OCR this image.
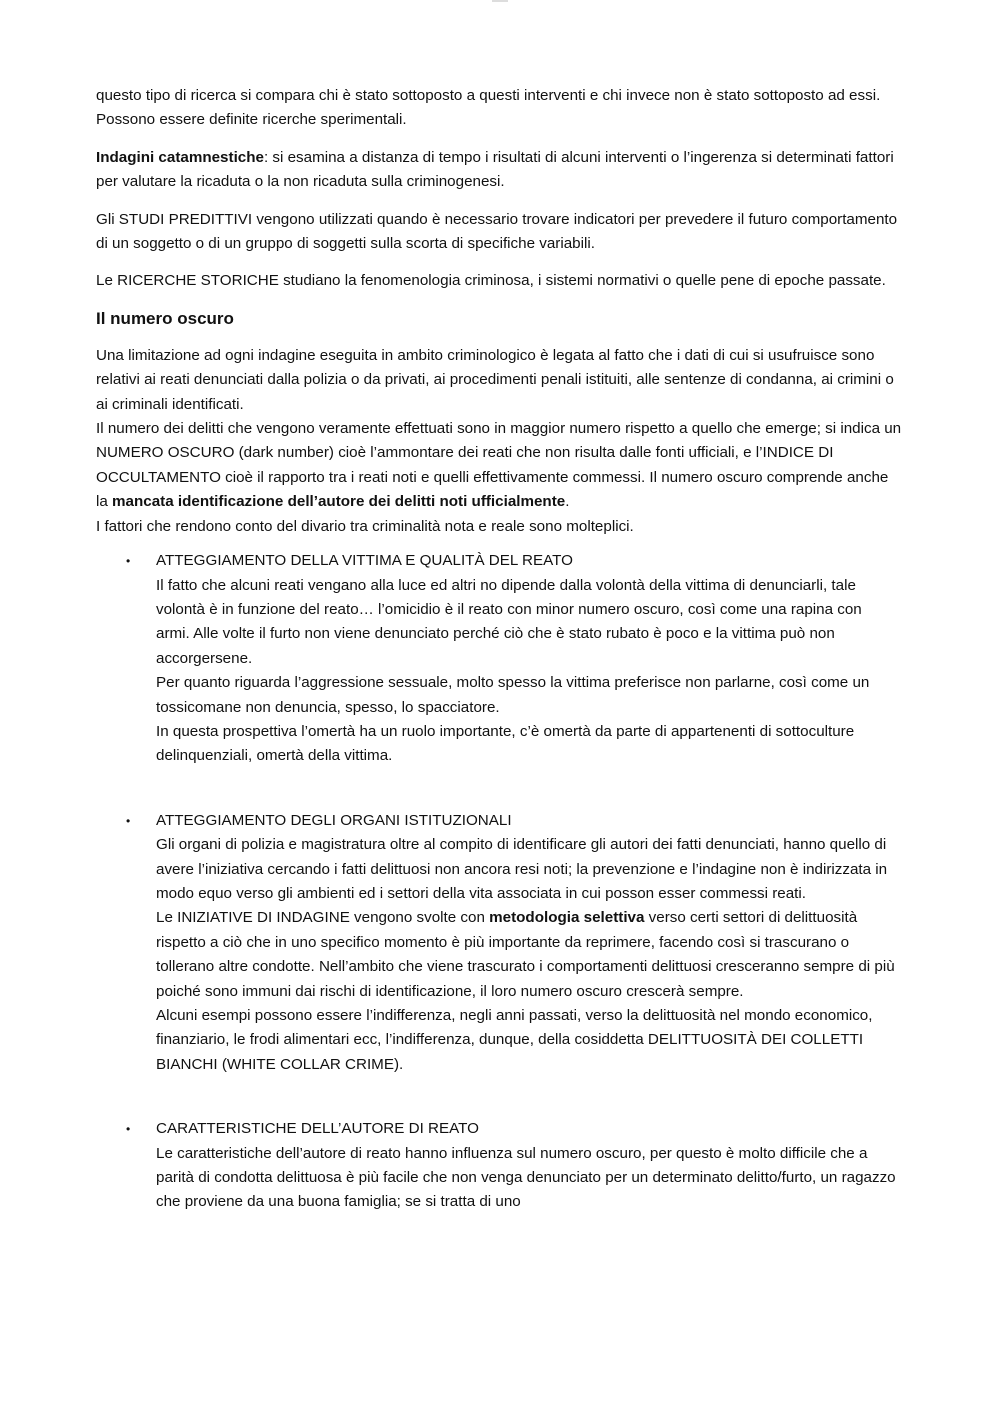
questo tipo di ricerca si compara chi è stato sottoposto a questi interventi e chi invece non è stato sottoposto ad essi. Possono essere definite ricerche sperimentali.

Indagini catamnestiche: si esamina a distanza di tempo i risultati di alcuni interventi o l’ingerenza si determinati fattori per valutare la ricaduta o la non ricaduta sulla criminogenesi.

Gli STUDI PREDITTIVI vengono utilizzati quando è necessario trovare indicatori per prevedere il futuro comportamento di un soggetto o di un gruppo di soggetti sulla scorta di specifiche variabili.

Le RICERCHE STORICHE studiano la fenomenologia criminosa, i sistemi normativi o quelle pene di epoche passate.

Il numero oscuro

Una limitazione ad ogni indagine eseguita in ambito criminologico è legata al fatto che i dati di cui si usufruisce sono relativi ai reati denunciati dalla polizia o da privati, ai procedimenti penali istituiti, alle sentenze di condanna, ai crimini o ai criminali identificati.

Il numero dei delitti che vengono veramente effettuati sono in maggior numero rispetto a quello che emerge; si indica un NUMERO OSCURO (dark number) cioè l’ammontare dei reati che non risulta dalle fonti ufficiali, e l’INDICE DI OCCULTAMENTO cioè il rapporto tra i reati noti e quelli effettivamente commessi. Il numero oscuro comprende anche la mancata identificazione dell’autore dei delitti noti ufficialmente.

I fattori che rendono conto del divario tra criminalità nota e reale sono molteplici.

• ATTEGGIAMENTO DELLA VITTIMA E QUALITÀ DEL REATO

Il fatto che alcuni reati vengano alla luce ed altri no dipende dalla volontà della vittima di denunciarli, tale

volontà è in funzione del reato… l’omicidio è il reato con minor numero oscuro, così come una rapina con

armi. Alle volte il furto non viene denunciato perché ciò che è stato rubato è poco e la vittima può non accorgersene.

Per quanto riguarda l’aggressione sessuale, molto spesso la vittima preferisce non parlarne, così come un tossicomane non denuncia, spesso, lo spacciatore.

In questa prospettiva l’omertà ha un ruolo importante, c’è omertà da parte di appartenenti di sottoculture delinquenziali, omertà della vittima.

• ATTEGGIAMENTO DEGLI ORGANI ISTITUZIONALI

Gli organi di polizia e magistratura oltre al compito di identificare gli autori dei fatti denunciati, hanno quello di avere l’iniziativa cercando i fatti delittuosi non ancora resi noti; la prevenzione e l’indagine non è indirizzata in modo equo verso gli ambienti ed i settori della vita associata in cui posson esser commessi reati.

Le INIZIATIVE DI INDAGINE vengono svolte con metodologia selettiva verso certi settori di delittuosità rispetto a ciò che in uno specifico momento è più importante da reprimere, facendo così si trascurano o tollerano altre condotte. Nell’ambito che viene trascurato i comportamenti delittuosi cresceranno sempre di più poiché sono immuni dai rischi di identificazione, il loro numero oscuro crescerà sempre.

Alcuni esempi possono essere l’indifferenza, negli anni passati, verso la delittuosità nel mondo economico, finanziario, le frodi alimentari ecc, l’indifferenza, dunque, della cosiddetta DELITTUOSITÀ DEI COLLETTI BIANCHI (WHITE COLLAR CRIME).

• CARATTERISTICHE DELL’AUTORE DI REATO

Le caratteristiche dell’autore di reato hanno influenza sul numero oscuro, per questo è molto difficile che a parità di condotta delittuosa è più facile che non venga denunciato per un determinato delitto/furto, un ragazzo che proviene da una buona famiglia; se si tratta di uno
